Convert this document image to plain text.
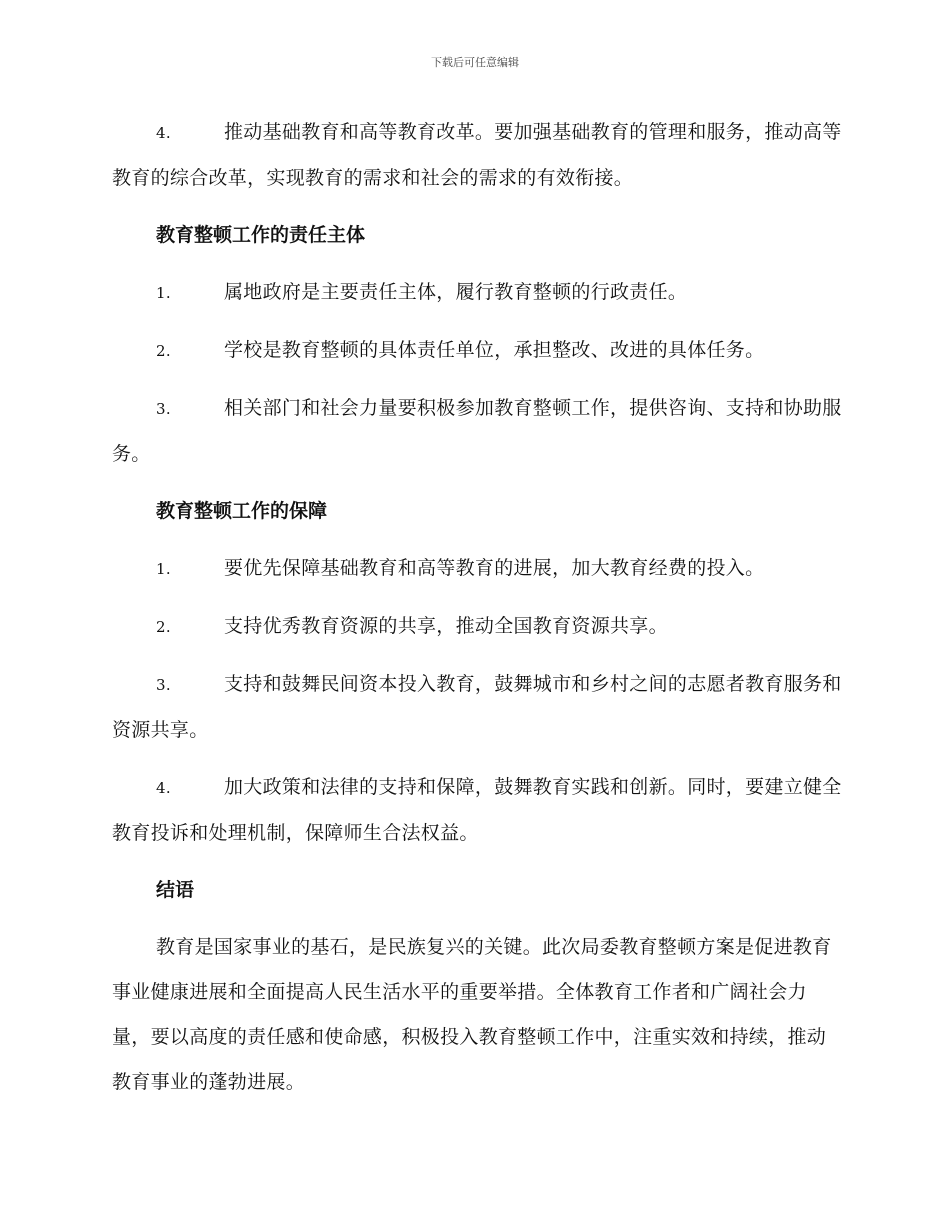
下载后可任意编辑

4.	推动基础教育和高等教育改革。要加强基础教育的管理和服务，推动高等教育的综合改革，实现教育的需求和社会的需求的有效衔接。

教育整顿工作的责任主体

1.	属地政府是主要责任主体，履行教育整顿的行政责任。

2.	学校是教育整顿的具体责任单位，承担整改、改进的具体任务。

3.	相关部门和社会力量要积极参加教育整顿工作，提供咨询、支持和协助服务。

教育整顿工作的保障

1.	要优先保障基础教育和高等教育的进展，加大教育经费的投入。

2.	支持优秀教育资源的共享，推动全国教育资源共享。

3.	支持和鼓舞民间资本投入教育，鼓舞城市和乡村之间的志愿者教育服务和资源共享。

4.	加大政策和法律的支持和保障，鼓舞教育实践和创新。同时，要建立健全教育投诉和处理机制，保障师生合法权益。

结语

教育是国家事业的基石，是民族复兴的关键。此次局委教育整顿方案是促进教育事业健康进展和全面提高人民生活水平的重要举措。全体教育工作者和广阔社会力量，要以高度的责任感和使命感，积极投入教育整顿工作中，注重实效和持续，推动教育事业的蓬勃进展。
